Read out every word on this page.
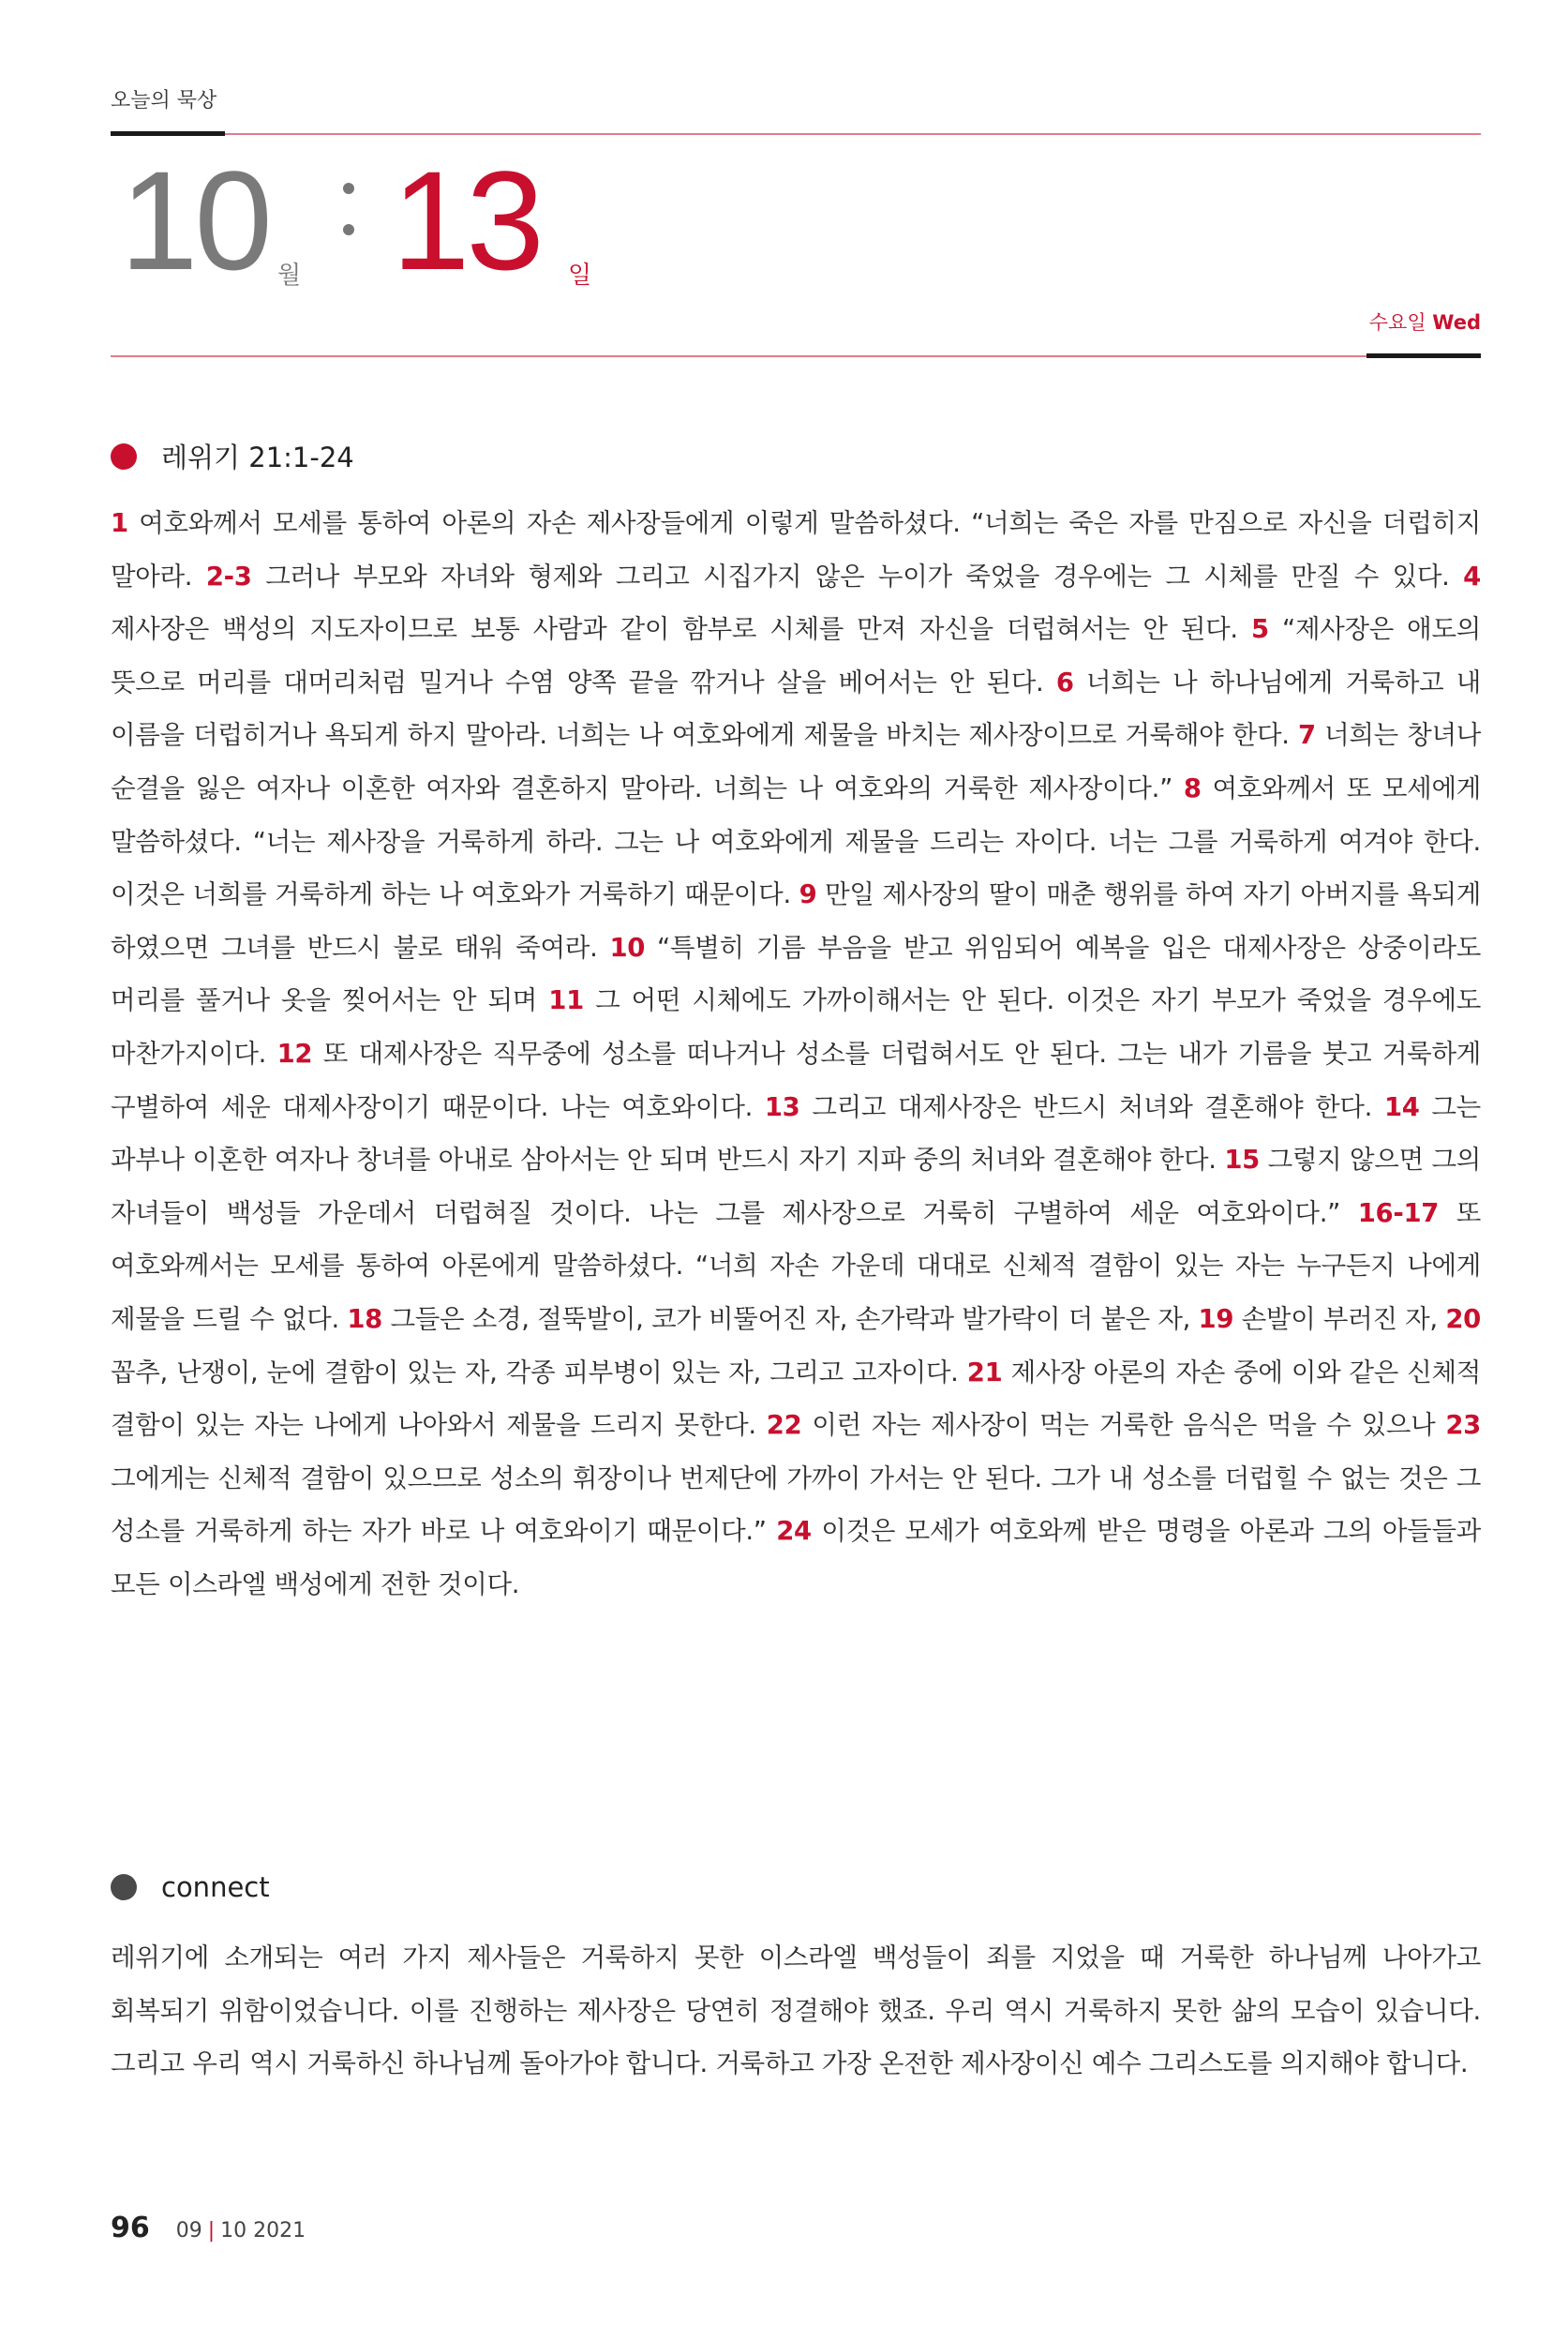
오늘의 묵상
10 월 13 일
수요일 Wed
레위기 21:1-24
1 여호와께서 모세를 통하여 아론의 자손 제사장들에게 이렇게 말씀하셨다. “너희는 죽은 자를 만짐으로 자신을 더럽히지 말아라. 2-3 그러나 부모와 자녀와 형제와 그리고 시집가지 않은 누이가 죽었을 경우에는 그 시체를 만질 수 있다. 4 제사장은 백성의 지도자이므로 보통 사람과 같이 함부로 시체를 만져 자신을 더럽혀서는 안 된다. 5 “제사장은 애도의 뜻으로 머리를 대머리처럼 밀거나 수염 양쪽 끝을 깎거나 살을 베어서는 안 된다. 6 너희는 나 하나님에게 거룩하고 내 이름을 더럽히거나 욕되게 하지 말아라. 너희는 나 여호와에게 제물을 바치는 제사장이므로 거룩해야 한다. 7 너희는 창녀나 순결을 잃은 여자나 이혼한 여자와 결혼하지 말아라. 너희는 나 여호와의 거룩한 제사장이다.” 8 여호와께서 또 모세에게 말씀하셨다. “너는 제사장을 거룩하게 하라. 그는 나 여호와에게 제물을 드리는 자이다. 너는 그를 거룩하게 여겨야 한다. 이것은 너희를 거룩하게 하는 나 여호와가 거룩하기 때문이다. 9 만일 제사장의 딸이 매춘 행위를 하여 자기 아버지를 욕되게 하였으면 그녀를 반드시 불로 태워 죽여라. 10 “특별히 기름 부음을 받고 위임되어 예복을 입은 대제사장은 상중이라도 머리를 풀거나 옷을 찢어서는 안 되며 11 그 어떤 시체에도 가까이해서는 안 된다. 이것은 자기 부모가 죽었을 경우에도 마찬가지이다. 12 또 대제사장은 직무중에 성소를 떠나거나 성소를 더럽혀서도 안 된다. 그는 내가 기름을 붓고 거룩하게 구별하여 세운 대제사장이기 때문이다. 나는 여호와이다. 13 그리고 대제사장은 반드시 처녀와 결혼해야 한다. 14 그는 과부나 이혼한 여자나 창녀를 아내로 삼아서는 안 되며 반드시 자기 지파 중의 처녀와 결혼해야 한다. 15 그렇지 않으면 그의 자녀들이 백성들 가운데서 더럽혀질 것이다. 나는 그를 제사장으로 거룩히 구별하여 세운 여호와이다.” 16-17 또 여호와께서는 모세를 통하여 아론에게 말씀하셨다. “너희 자손 가운데 대대로 신체적 결함이 있는 자는 누구든지 나에게 제물을 드릴 수 없다. 18 그들은 소경, 절뚝발이, 코가 비뚤어진 자, 손가락과 발가락이 더 붙은 자, 19 손발이 부러진 자, 20 꼽추, 난쟁이, 눈에 결함이 있는 자, 각종 피부병이 있는 자, 그리고 고자이다. 21 제사장 아론의 자손 중에 이와 같은 신체적 결함이 있는 자는 나에게 나아와서 제물을 드리지 못한다. 22 이런 자는 제사장이 먹는 거룩한 음식은 먹을 수 있으나 23 그에게는 신체적 결함이 있으므로 성소의 휘장이나 번제단에 가까이 가서는 안 된다. 그가 내 성소를 더럽힐 수 없는 것은 그 성소를 거룩하게 하는 자가 바로 나 여호와이기 때문이다.” 24 이것은 모세가 여호와께 받은 명령을 아론과 그의 아들들과 모든 이스라엘 백성에게 전한 것이다.
connect
레위기에 소개되는 여러 가지 제사들은 거룩하지 못한 이스라엘 백성들이 죄를 지었을 때 거룩한 하나님께 나아가고 회복되기 위함이었습니다. 이를 진행하는 제사장은 당연히 정결해야 했죠. 우리 역시 거룩하지 못한 삶의 모습이 있습니다. 그리고 우리 역시 거룩하신 하나님께 돌아가야 합니다. 거룩하고 가장 온전한 제사장이신 예수 그리스도를 의지해야 합니다.
96 09 | 10 2021
